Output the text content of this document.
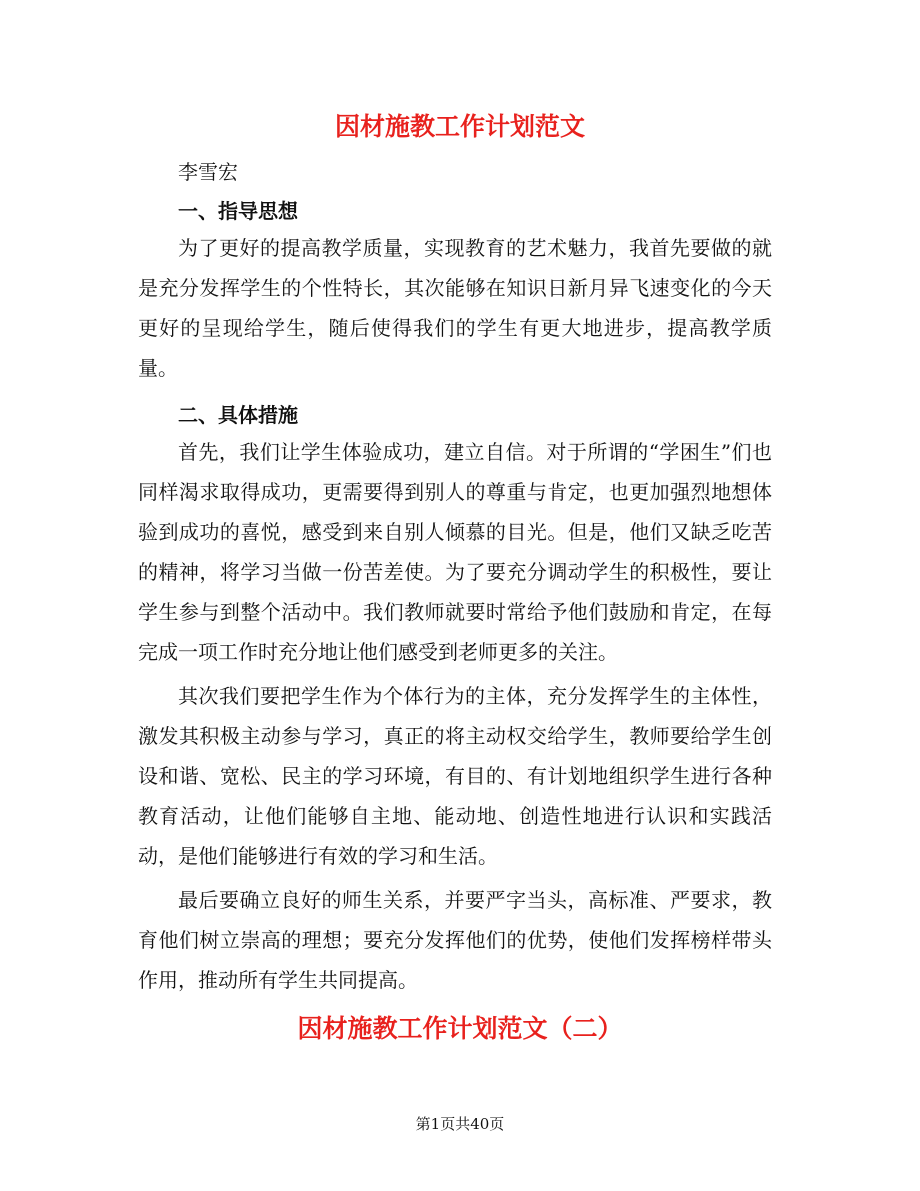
因材施教工作计划范文
李雪宏
一、指导思想

为了更好的提高教学质量，实现教育的艺术魅力，我首先要做的就是充分发挥学生的个性特长，其次能够在知识日新月异飞速变化的今天更好的呈现给学生，随后使得我们的学生有更大地进步，提高教学质量。

二、具体措施

首先，我们让学生体验成功，建立自信。对于所谓的“学困生”们也同样渴求取得成功，更需要得到别人的尊重与肯定，也更加强烈地想体验到成功的喜悦，感受到来自别人倾慕的目光。但是，他们又缺乏吃苦的精神，将学习当做一份苦差使。为了要充分调动学生的积极性，要让学生参与到整个活动中。我们教师就要时常给予他们鼓励和肯定，在每完成一项工作时充分地让他们感受到老师更多的关注。

其次我们要把学生作为个体行为的主体，充分发挥学生的主体性，激发其积极主动参与学习，真正的将主动权交给学生，教师要给学生创设和谐、宽松、民主的学习环境，有目的、有计划地组织学生进行各种教育活动，让他们能够自主地、能动地、创造性地进行认识和实践活动，是他们能够进行有效的学习和生活。

最后要确立良好的师生关系，并要严字当头，高标准、严要求，教育他们树立崇高的理想；要充分发挥他们的优势，使他们发挥榜样带头作用，推动所有学生共同提高。

因材施教工作计划范文（二）
第1页共40页
